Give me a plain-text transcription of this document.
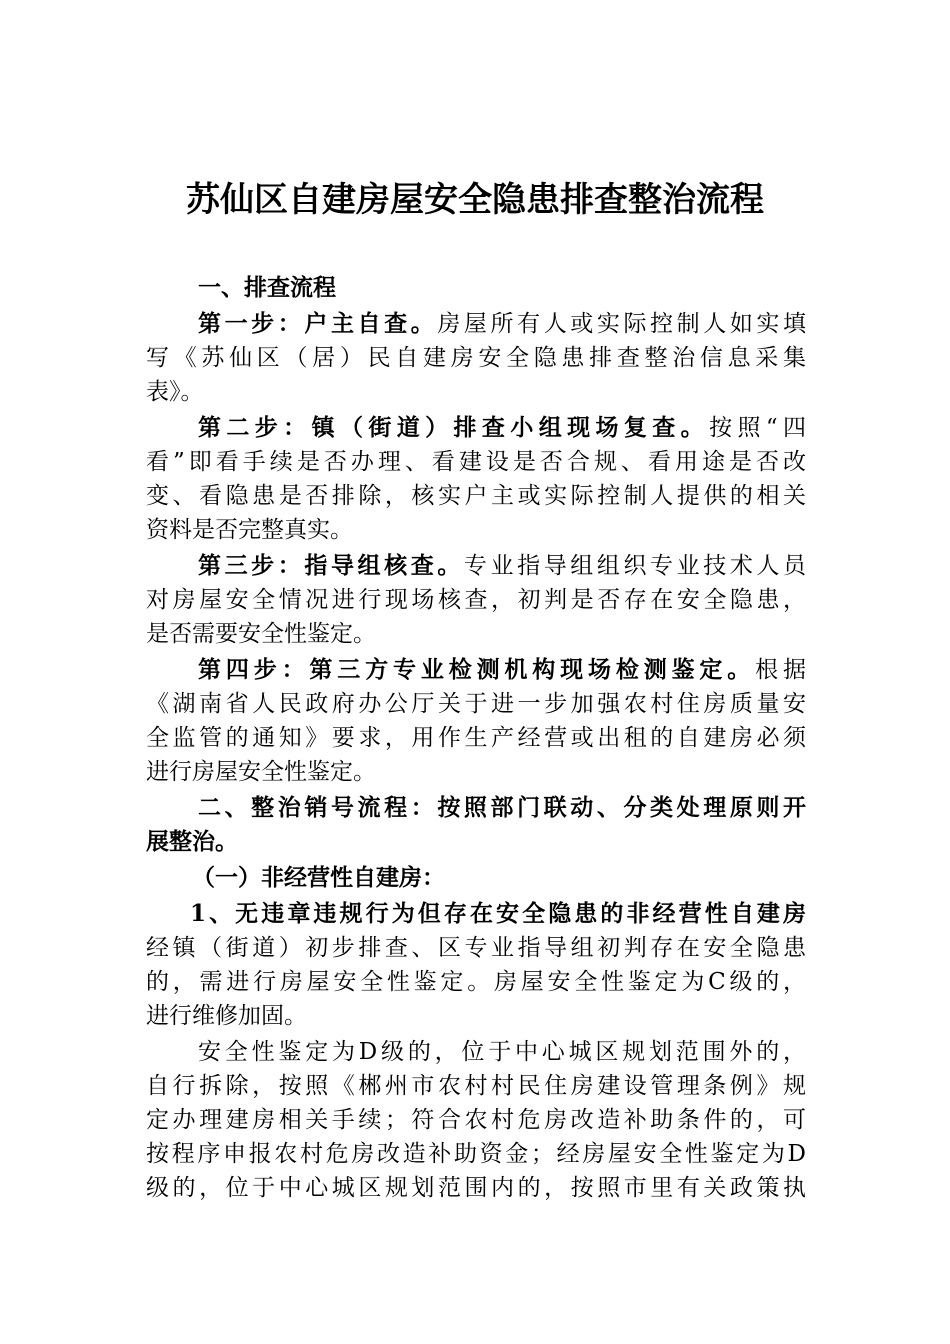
苏仙区自建房屋安全隐患排查整治流程
一、排查流程
第一步：户主自查。房屋所有人或实际控制人如实填
写《苏仙区（居）民自建房安全隐患排查整治信息采集
表》。
第二步：镇（街道）排查小组现场复查。按照“四
看”即看手续是否办理、看建设是否合规、看用途是否改
变、看隐患是否排除，核实户主或实际控制人提供的相关
资料是否完整真实。
第三步：指导组核查。专业指导组组织专业技术人员
对房屋安全情况进行现场核查，初判是否存在安全隐患，
是否需要安全性鉴定。
第四步：第三方专业检测机构现场检测鉴定。根据
《湖南省人民政府办公厅关于进一步加强农村住房质量安
全监管的通知》要求，用作生产经营或出租的自建房必须
进行房屋安全性鉴定。
二、整治销号流程：按照部门联动、分类处理原则开
展整治。
（一）非经营性自建房：
1、无违章违规行为但存在安全隐患的非经营性自建房
经镇（街道）初步排查、区专业指导组初判存在安全隐患
的，需进行房屋安全性鉴定。房屋安全性鉴定为C级的，
进行维修加固。
安全性鉴定为D级的，位于中心城区规划范围外的，
自行拆除，按照《郴州市农村村民住房建设管理条例》规
定办理建房相关手续；符合农村危房改造补助条件的，可
按程序申报农村危房改造补助资金；经房屋安全性鉴定为D
级的，位于中心城区规划范围内的，按照市里有关政策执
